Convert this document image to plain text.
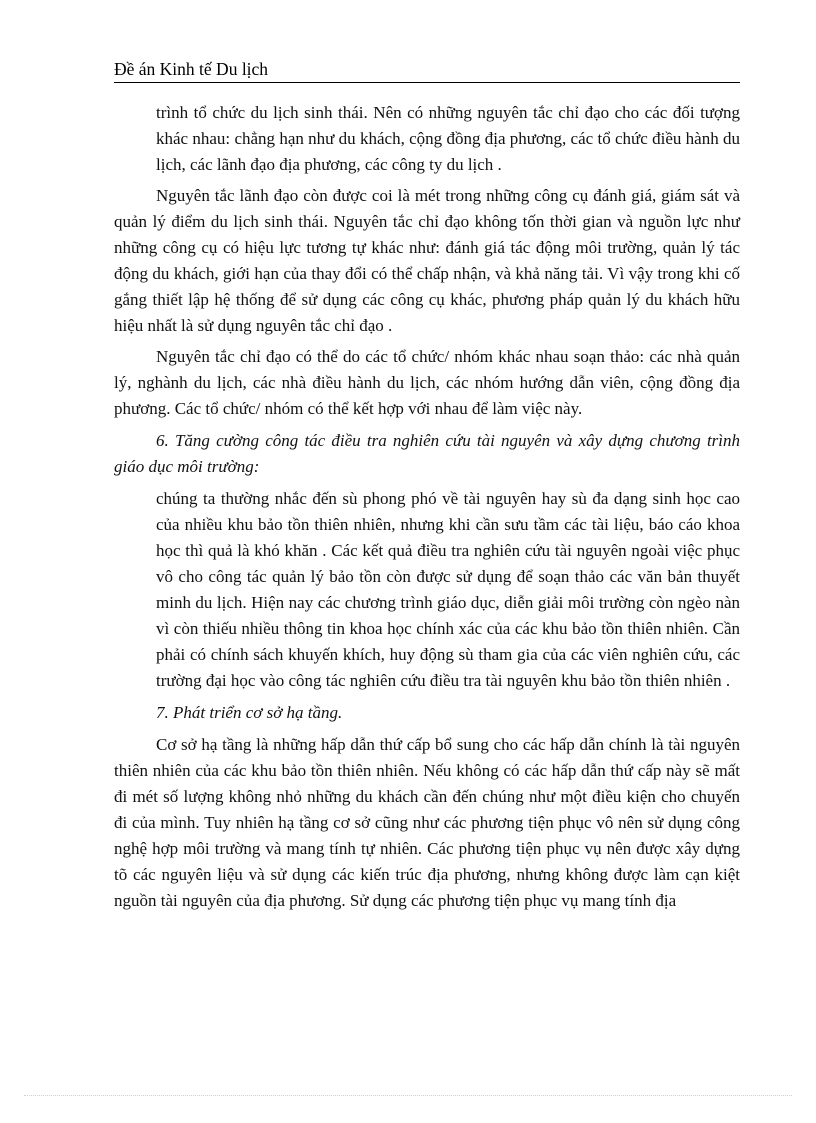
Đề án Kinh tế Du lịch

trình tổ chức du lịch sinh thái. Nên có những nguyên tắc chỉ đạo cho các đối tượng khác nhau: chẳng hạn như du khách, cộng đồng địa phương, các tổ chức điều hành du lịch, các lãnh đạo địa phương, các công ty du lịch .

Nguyên tắc lãnh đạo còn được coi là mét trong những công cụ đánh giá, giám sát và quản lý điểm du lịch sinh thái. Nguyên tắc chỉ đạo không tốn thời gian và nguồn lực như những công cụ có hiệu lực tương tự khác như: đánh giá tác động môi trường, quản lý tác động du khách, giới hạn của thay đổi có thể chấp nhận, và khả năng tải. Vì vậy trong khi cố gắng thiết lập hệ thống để sử dụng các công cụ khác, phương pháp quản lý du khách hữu hiệu nhất là sử dụng nguyên tắc chỉ đạo .

Nguyên tắc chỉ đạo có thể do các tổ chức/ nhóm khác nhau soạn thảo: các nhà quản lý, nghành du lịch, các nhà điều hành du lịch, các nhóm hướng dẫn viên, cộng đồng địa phương. Các tổ chức/ nhóm có thể kết hợp với nhau để làm việc này.

6. Tăng cường công tác điều tra nghiên cứu tài nguyên và xây dựng chương trình giáo dục môi trường:

chúng ta thường nhắc đến sù phong phó về tài nguyên hay sù đa dạng sinh học cao của nhiều khu bảo tồn thiên nhiên, nhưng khi cần sưu tầm các tài liệu, báo cáo khoa học thì quả là khó khăn . Các kết quả điều tra nghiên cứu tài nguyên ngoài việc phục vô cho công tác quản lý bảo tồn còn được sử dụng để soạn thảo các văn bản thuyết minh du lịch. Hiện nay các chương trình giáo dục, diễn giải môi trường còn ngèo nàn vì còn thiếu nhiều thông tin khoa học chính xác của các khu bảo tồn thiên nhiên. Cần phải có chính sách khuyến khích, huy động sù tham gia của các viên nghiên cứu, các trường đại học vào công tác nghiên cứu điều tra tài nguyên khu bảo tồn thiên nhiên .

7. Phát triển cơ sở hạ tầng.

Cơ sở hạ tầng là những hấp dẫn thứ cấp bổ sung cho các hấp dẫn chính là tài nguyên thiên nhiên của các khu bảo tồn thiên nhiên. Nếu không có các hấp dẫn thứ cấp này sẽ mất đi mét số lượng không nhỏ những du khách cần đến chúng như một điều kiện cho chuyến đi của mình. Tuy nhiên hạ tầng cơ sở cũng như các phương tiện phục vô nên sử dụng công nghệ hợp môi trường và mang tính tự nhiên. Các phương tiện phục vụ nên được xây dựng tõ các nguyên liệu và sử dụng các kiến trúc địa phương, nhưng không được làm cạn kiệt nguồn tài nguyên của địa phương. Sử dụng các phương tiện phục vụ mang tính địa
